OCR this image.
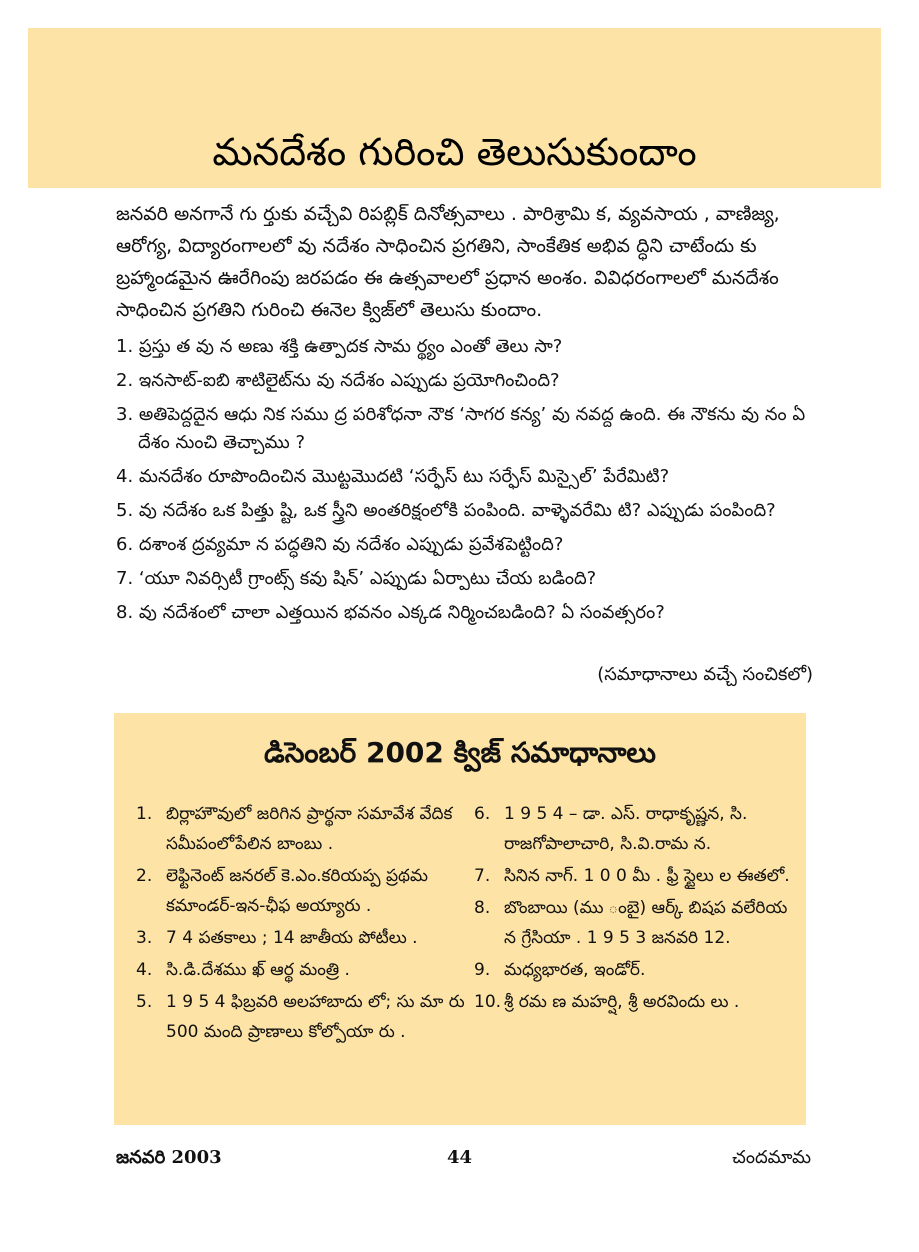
మనదేశం గురించి తెలుసుకుందాం

జనవరి అనగానే గు ర్తుకు వచ్చేవి రిపబ్లిక్ దినోత్సవాలు . పారిశ్రామి క, వ్యవసాయ , వాణిజ్య, ఆరోగ్య, విద్యారంగాలలో వు నదేశం సాధించిన ప్రగతిని, సాంకేతిక అభివ ద్ధిని చాటేందు కు బ్రహ్మాండమైన ఊరేగింపు జరపడం ఈ ఉత్సవాలలో ప్రధాన అంశం. వివిధరంగాలలో మనదేశం సాధించిన ప్రగతిని గురించి ఈనెల క్విజ్‌లో తెలుసు కుందాం.

1. ప్రస్తు త వు న అణు శక్తి ఉత్పాదక సామ ర్థ్యం ఎంతో తెలు సా?
2. ఇనసాట్-ఐబి శాటిలైట్‌ను వు నదేశం ఎప్పుడు ప్రయోగించింది?
3. అతిపెద్దదైన ఆధు నిక సము ద్ర పరిశోధనా నౌక ‘సాగర కన్య’ వు నవద్ద ఉంది. ఈ నౌకను వు నం ఏ దేశం నుంచి తెచ్చాము ?
4. మనదేశం రూపొందించిన మొట్టమొదటి ‘సర్ఫేస్ టు సర్ఫేస్ మిస్సైల్’ పేరేమిటి?
5. వు నదేశం ఒక పిత్తు ష్టి, ఒక స్త్రీని అంతరిక్షంలోకి పంపింది. వాళ్ళెవరేమి టి? ఎప్పుడు పంపింది?
6. దశాంశ ద్రవ్యమా న పద్ధతిని వు నదేశం ఎప్పుడు ప్రవేశపెట్టింది?
7. ‘యూ నివర్సిటీ గ్రాంట్స్ కవు షిన్’ ఎప్పుడు ఏర్పాటు చేయ బడింది?
8. వు నదేశంలో చాలా ఎత్తయిన భవనం ఎక్కడ నిర్మించబడింది? ఏ సంవత్సరం?

(సమాధానాలు వచ్చే సంచికలో)

డిసెంబర్ 2002 క్విజ్ సమాధానాలు
1. బిర్లాహౌవులో జరిగిన ప్రార్థనా సమావేశ వేదిక సమీపంలోపేలిన బాంబు .
2. లెఫ్టినెంట్ జనరల్ కె.ఎం.కరియప్ప ప్రథమ కమాండర్-ఇన-ఛీఫ అయ్యారు .
3. 7 4 పతకాలు ; 14 జాతీయ పోటీలు .
4. సి.డి.దేశము ఖ్ ఆర్థ మంత్రి .
5. 1 9 5 4 ఫిబ్రవరి అలహాబాదు లో; సు మా రు 500 మంది ప్రాణాలు కోల్పోయా రు .
6. 1 9 5 4 – డా. ఎస్. రాధాకృష్ణన, సి. రాజగోపాలాచారి, సి.వి.రామ న.
7. సినిన నాగ్. 1 0 0 మీ . ఫ్రీ స్టైలు ల ఈతలో.
8. బొంబాయి (ము ంబై) ఆర్క్ బిషప వలేరియ న గ్రేసియా . 1 9 5 3 జనవరి 12.
9. మధ్యభారత, ఇండోర్.
10. శ్రీ రమ ణ మహర్షి, శ్రీ అరవిందు లు .
జనవరి 2003	44	చందమామ
